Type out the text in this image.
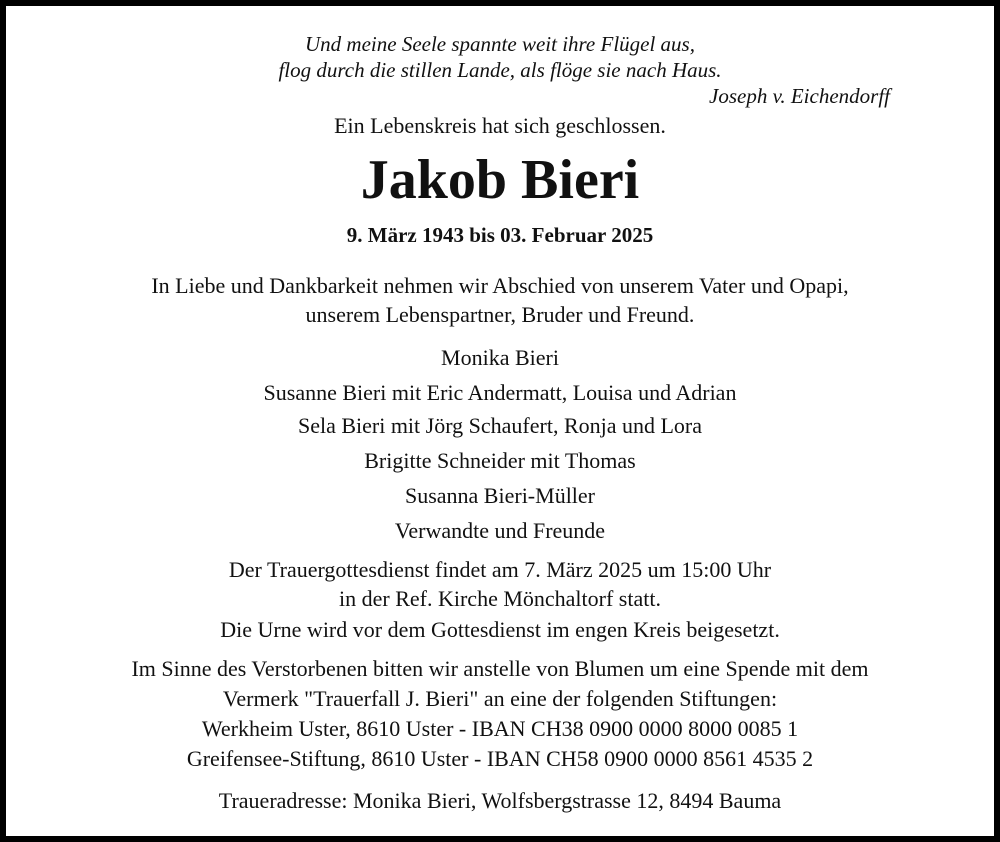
Und meine Seele spannte weit ihre Flügel aus,
flog durch die stillen Lande, als flöge sie nach Haus.
Joseph v. Eichendorff
Ein Lebenskreis hat sich geschlossen.
Jakob Bieri
9. März 1943 bis 03. Februar 2025
In Liebe und Dankbarkeit nehmen wir Abschied von unserem Vater und Opapi,
unserem Lebenspartner, Bruder und Freund.
Monika Bieri
Susanne Bieri mit Eric Andermatt, Louisa und Adrian
Sela Bieri mit Jörg Schaufert, Ronja und Lora
Brigitte Schneider mit Thomas
Susanna Bieri-Müller
Verwandte und Freunde
Der Trauergottesdienst findet am 7. März 2025 um 15:00 Uhr
in der Ref. Kirche Mönchaltorf statt.
Die Urne wird vor dem Gottesdienst im engen Kreis beigesetzt.
Im Sinne des Verstorbenen bitten wir anstelle von Blumen um eine Spende mit dem
Vermerk "Trauerfall J. Bieri" an eine der folgenden Stiftungen:
Werkheim Uster, 8610 Uster - IBAN CH38 0900 0000 8000 0085 1
Greifensee-Stiftung, 8610 Uster - IBAN CH58 0900 0000 8561 4535 2
Traueradresse: Monika Bieri, Wolfsbergstrasse 12, 8494 Bauma
